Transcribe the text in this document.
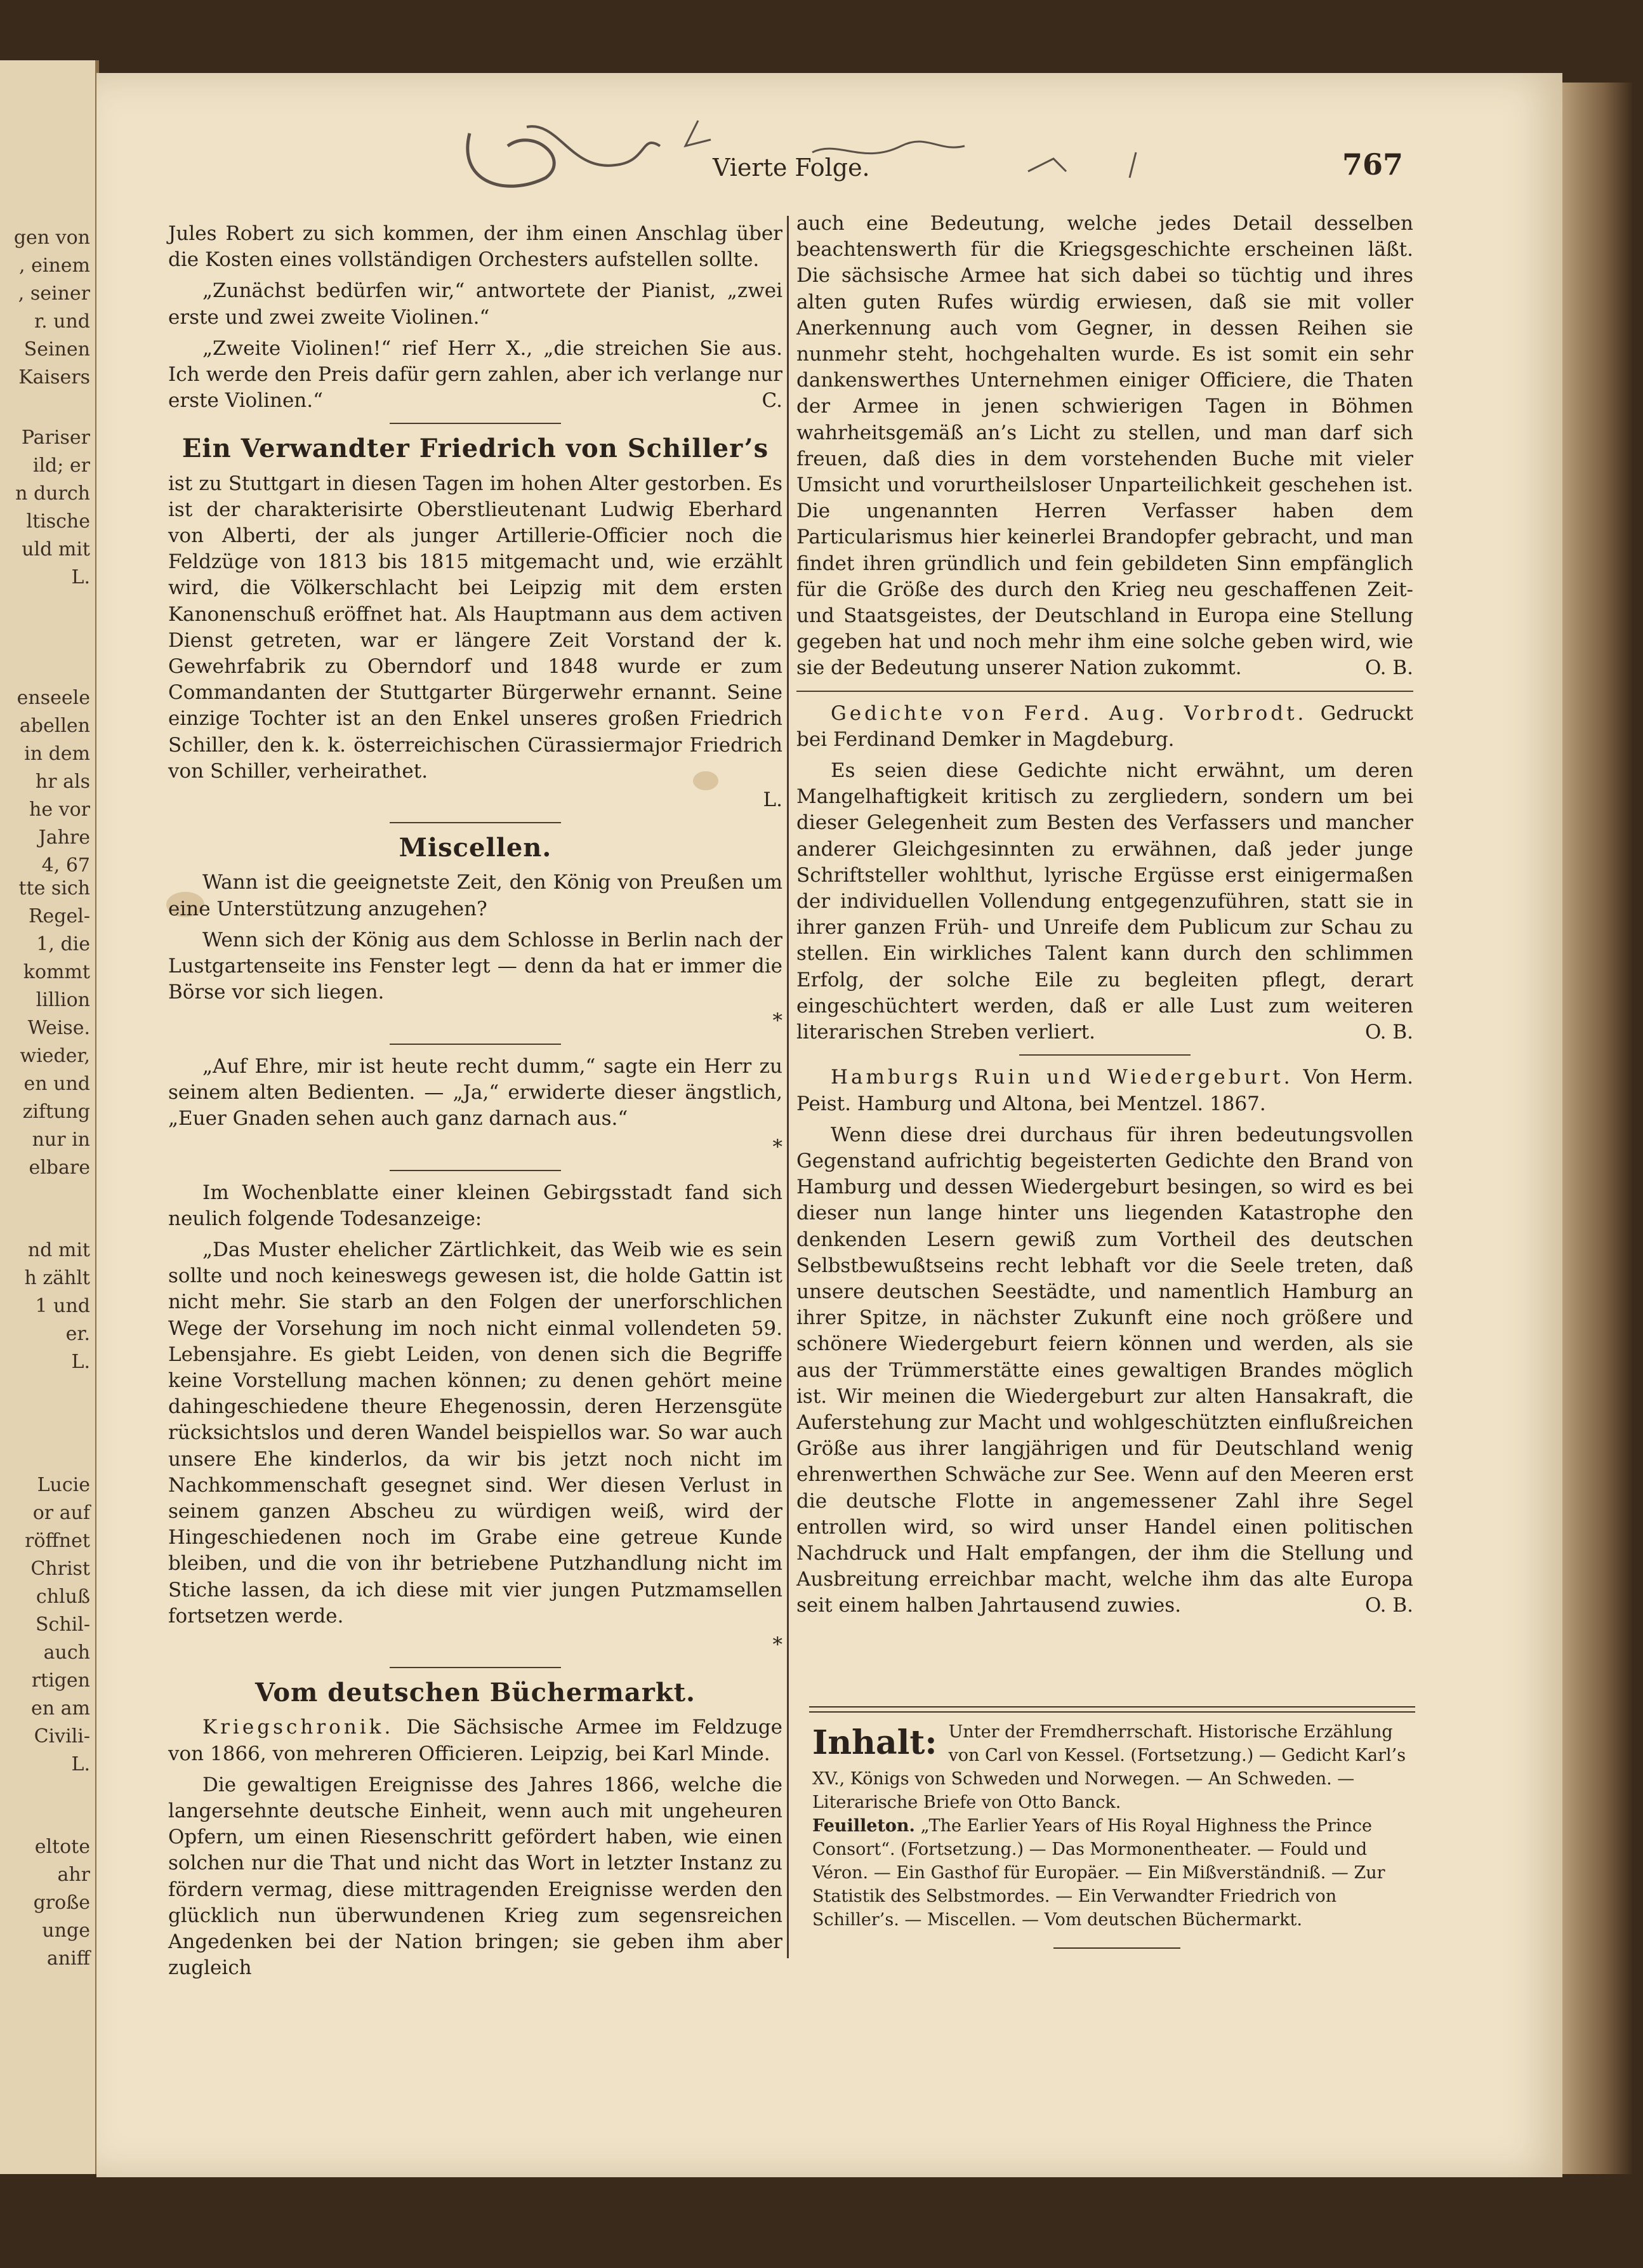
gen von
, einem
, seiner
r. und
Seinen
Kaisers
Pariser
ild; er
n durch
ltische
uld mit
L.
enseele
abellen
in dem
hr als
he vor
Jahre
4, 67
tte sich
Regel-
1, die
kommt
lillion
Weise.
wieder,
en und
ziftung
nur in
elbare
nd mit
h zählt
1 und
er.
L.
Lucie
or auf
röffnet
Christ
chluß
Schil-
auch
rtigen
en am
Civili-
L.
eltote
ahr
große
unge
aniff
Vierte Folge.	767

Jules Robert zu sich kommen, der ihm einen Anschlag über die Kosten eines vollständigen Orchesters aufstellen sollte.

„Zunächst bedürfen wir,“ antwortete der Pianist, „zwei erste und zwei zweite Violinen.“

„Zweite Violinen!“ rief Herr X., „die streichen Sie aus. Ich werde den Preis dafür gern zahlen, aber ich verlange nur erste Violinen.“	C.

Ein Verwandter Friedrich von Schiller’s

ist zu Stuttgart in diesen Tagen im hohen Alter gestorben. Es ist der charakterisirte Oberstlieutenant Ludwig Eberhard von Alberti, der als junger Artillerie-Officier noch die Feldzüge von 1813 bis 1815 mitgemacht und, wie erzählt wird, die Völkerschlacht bei Leipzig mit dem ersten Kanonenschuß eröffnet hat. Als Hauptmann aus dem activen Dienst getreten, war er längere Zeit Vorstand der k. Gewehrfabrik zu Oberndorf und 1848 wurde er zum Commandanten der Stuttgarter Bürgerwehr ernannt. Seine einzige Tochter ist an den Enkel unseres großen Friedrich Schiller, den k. k. österreichischen Cürassiermajor Friedrich von Schiller, verheirathet.

L.

Miscellen.

Wann ist die geeignetste Zeit, den König von Preußen um eine Unterstützung anzugehen?

Wenn sich der König aus dem Schlosse in Berlin nach der Lustgartenseite ins Fenster legt — denn da hat er immer die Börse vor sich liegen.

*

„Auf Ehre, mir ist heute recht dumm,“ sagte ein Herr zu seinem alten Bedienten. — „Ja,“ erwiderte dieser ängstlich, „Euer Gnaden sehen auch ganz darnach aus.“

*

Im Wochenblatte einer kleinen Gebirgsstadt fand sich neulich folgende Todesanzeige:

„Das Muster ehelicher Zärtlichkeit, das Weib wie es sein sollte und noch keineswegs gewesen ist, die holde Gattin ist nicht mehr. Sie starb an den Folgen der unerforschlichen Wege der Vorsehung im noch nicht einmal vollendeten 59. Lebensjahre. Es giebt Leiden, von denen sich die Begriffe keine Vorstellung machen können; zu denen gehört meine dahingeschiedene theure Ehegenossin, deren Herzensgüte rücksichtslos und deren Wandel beispiellos war. So war auch unsere Ehe kinderlos, da wir bis jetzt noch nicht im Nachkommenschaft gesegnet sind. Wer diesen Verlust in seinem ganzen Abscheu zu würdigen weiß, wird der Hingeschiedenen noch im Grabe eine getreue Kunde bleiben, und die von ihr betriebene Putzhandlung nicht im Stiche lassen, da ich diese mit vier jungen Putzmamsellen fortsetzen werde.

*

Vom deutschen Büchermarkt.

Kriegschronik. Die Sächsische Armee im Feldzuge von 1866, von mehreren Officieren. Leipzig, bei Karl Minde.

Die gewaltigen Ereignisse des Jahres 1866, welche die langersehnte deutsche Einheit, wenn auch mit ungeheuren Opfern, um einen Riesenschritt gefördert haben, wie einen solchen nur die That und nicht das Wort in letzter Instanz zu fördern vermag, diese mittragenden Ereignisse werden den glücklich nun überwundenen Krieg zum segensreichen Angedenken bei der Nation bringen; sie geben ihm aber zugleich

auch eine Bedeutung, welche jedes Detail desselben beachtenswerth für die Kriegsgeschichte erscheinen läßt. Die sächsische Armee hat sich dabei so tüchtig und ihres alten guten Rufes würdig erwiesen, daß sie mit voller Anerkennung auch vom Gegner, in dessen Reihen sie nunmehr steht, hochgehalten wurde. Es ist somit ein sehr dankenswerthes Unternehmen einiger Officiere, die Thaten der Armee in jenen schwierigen Tagen in Böhmen wahrheitsgemäß an’s Licht zu stellen, und man darf sich freuen, daß dies in dem vorstehenden Buche mit vieler Umsicht und vorurtheilsloser Unparteilichkeit geschehen ist. Die ungenannten Herren Verfasser haben dem Particularismus hier keinerlei Brandopfer gebracht, und man findet ihren gründlich und fein gebildeten Sinn empfänglich für die Größe des durch den Krieg neu geschaffenen Zeit- und Staatsgeistes, der Deutschland in Europa eine Stellung gegeben hat und noch mehr ihm eine solche geben wird, wie sie der Bedeutung unserer Nation zukommt.	O. B.

Gedichte von Ferd. Aug. Vorbrodt. Gedruckt bei Ferdinand Demker in Magdeburg.

Es seien diese Gedichte nicht erwähnt, um deren Mangelhaftigkeit kritisch zu zergliedern, sondern um bei dieser Gelegenheit zum Besten des Verfassers und mancher anderer Gleichgesinnten zu erwähnen, daß jeder junge Schriftsteller wohlthut, lyrische Ergüsse erst einigermaßen der individuellen Vollendung entgegenzuführen, statt sie in ihrer ganzen Früh- und Unreife dem Publicum zur Schau zu stellen. Ein wirkliches Talent kann durch den schlimmen Erfolg, der solche Eile zu begleiten pflegt, derart eingeschüchtert werden, daß er alle Lust zum weiteren literarischen Streben verliert.	O. B.

Hamburgs Ruin und Wiedergeburt. Von Herm. Peist. Hamburg und Altona, bei Mentzel. 1867.

Wenn diese drei durchaus für ihren bedeutungsvollen Gegenstand aufrichtig begeisterten Gedichte den Brand von Hamburg und dessen Wiedergeburt besingen, so wird es bei dieser nun lange hinter uns liegenden Katastrophe den denkenden Lesern gewiß zum Vortheil des deutschen Selbstbewußtseins recht lebhaft vor die Seele treten, daß unsere deutschen Seestädte, und namentlich Hamburg an ihrer Spitze, in nächster Zukunft eine noch größere und schönere Wiedergeburt feiern können und werden, als sie aus der Trümmerstätte eines gewaltigen Brandes möglich ist. Wir meinen die Wiedergeburt zur alten Hansakraft, die Auferstehung zur Macht und wohlgeschützten einflußreichen Größe aus ihrer langjährigen und für Deutschland wenig ehrenwerthen Schwäche zur See. Wenn auf den Meeren erst die deutsche Flotte in angemessener Zahl ihre Segel entrollen wird, so wird unser Handel einen politischen Nachdruck und Halt empfangen, der ihm die Stellung und Ausbreitung erreichbar macht, welche ihm das alte Europa seit einem halben Jahrtausend zuwies.	O. B.

Inhalt: Unter der Fremdherrschaft. Historische Erzählung von Carl von Kessel. (Fortsetzung.) — Gedicht Karl’s XV., Königs von Schweden und Norwegen. — An Schweden. — Literarische Briefe von Otto Banck.
Feuilleton. „The Earlier Years of His Royal Highness the Prince Consort“. (Fortsetzung.) — Das Mormonentheater. — Fould und Véron. — Ein Gasthof für Europäer. — Ein Mißverständniß. — Zur Statistik des Selbstmordes. — Ein Verwandter Friedrich von Schiller’s. — Miscellen. — Vom deutschen Büchermarkt.
